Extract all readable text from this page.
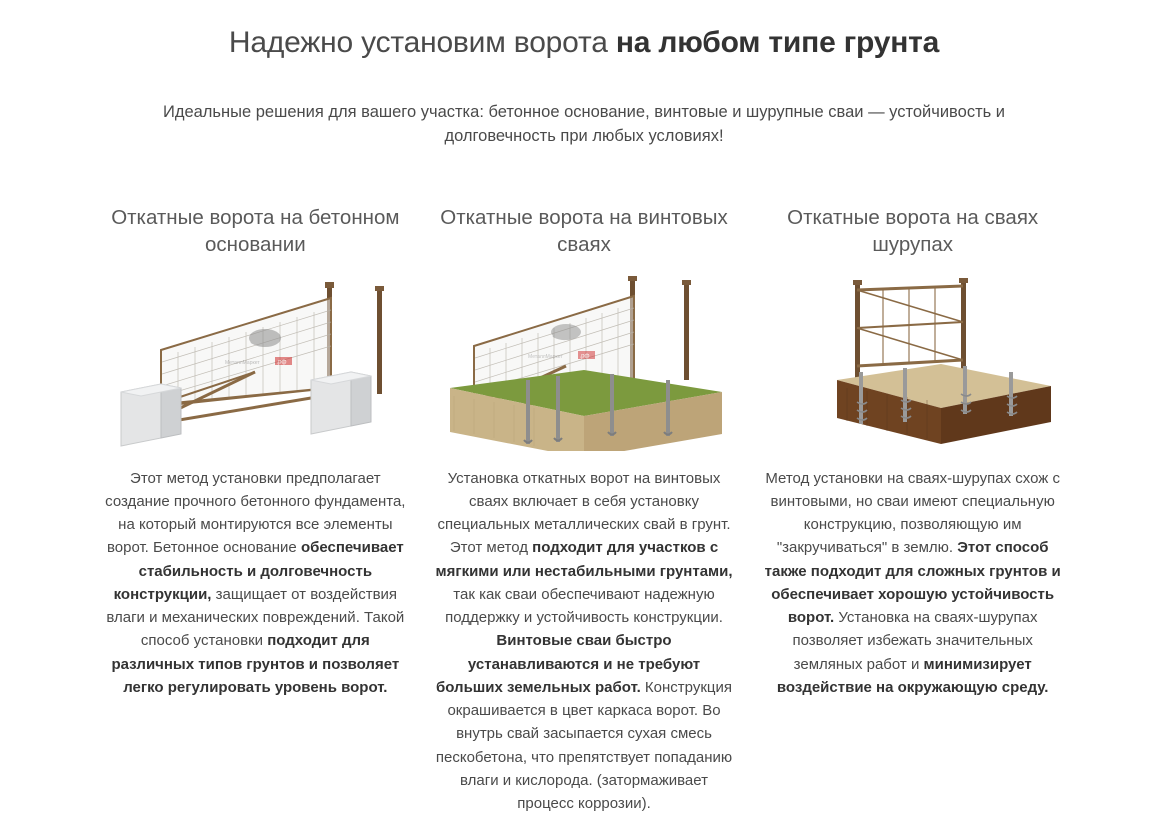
Надежно установим ворота на любом типе грунта

Идеальные решения для вашего участка: бетонное основание, винтовые и шурупные сваи — устойчивость и долговечность при любых условиях!

Откатные ворота на бетонном основании
МеталлМаркет	.рф
Этот метод установки предполагает создание прочного бетонного фундамента, на который монтируются все элементы ворот. Бетонное основание обеспечивает стабильность и долговечность конструкции, защищает от воздействия влаги и механических повреждений. Такой способ установки подходит для различных типов грунтов и позволяет легко регулировать уровень ворот.
Откатные ворота на винтовых сваях
МеталлМаркет	.рф
Установка откатных ворот на винтовых сваях включает в себя установку специальных металлических свай в грунт. Этот метод подходит для участков с мягкими или нестабильными грунтами, так как сваи обеспечивают надежную поддержку и устойчивость конструкции. Винтовые сваи быстро устанавливаются и не требуют больших земельных работ. Конструкция окрашивается в цвет каркаса ворот. Во внутрь свай засыпается сухая смесь пескобетона, что препятствует попаданию влаги и кислорода. (затормаживает процесс коррозии).
Откатные ворота на сваях шурупах
Метод установки на сваях-шурупах схож с винтовыми, но сваи имеют специальную конструкцию, позволяющую им "закручиваться" в землю. Этот способ также подходит для сложных грунтов и обеспечивает хорошую устойчивость ворот. Установка на сваях-шурупах позволяет избежать значительных земляных работ и минимизирует воздействие на окружающую среду.
